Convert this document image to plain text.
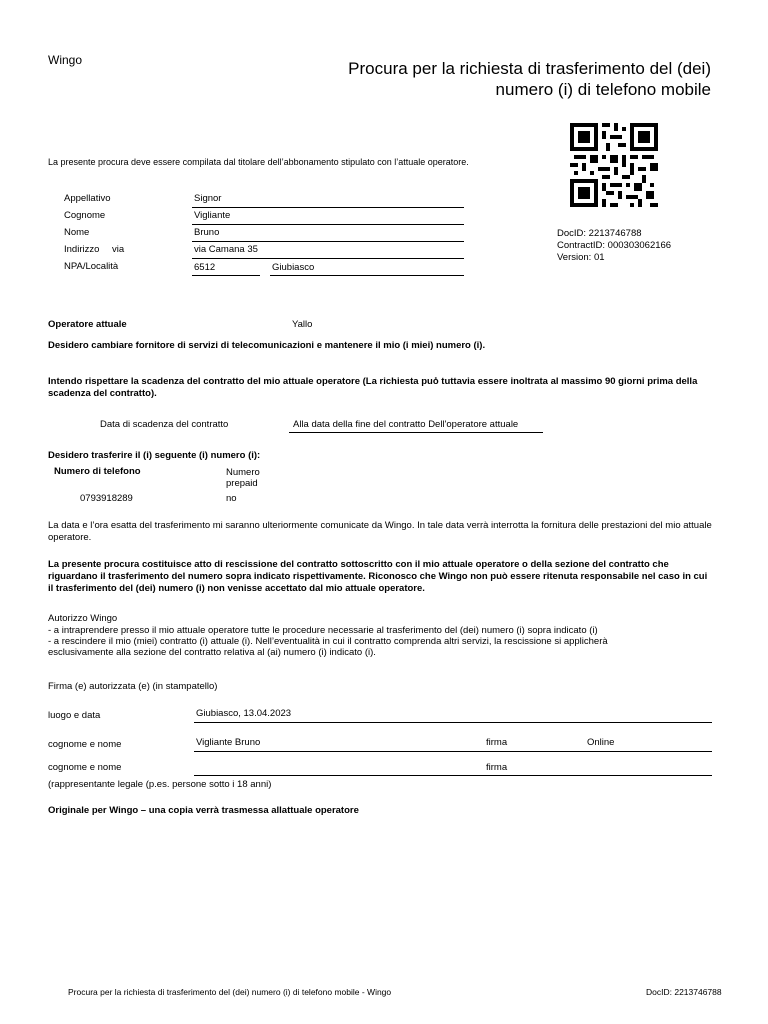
Wingo	Procura per la richiesta di trasferimento del (dei)
numero (i) di telefono mobile
DocID: 2213746788
ContractID: 000303062166
Version: 01
La presente procura deve essere compilata dal titolare dell’abbonamento stipulato con l’attuale operatore.
Appellativo	Signor
Cognome	Vigliante
Nome	Bruno
Indirizzo via	via Camana 35
NPA/Località	6512	Giubiasco
Operatore attuale	Yallo
Desidero cambiare fornitore di servizi di telecomunicazioni e mantenere il mio (i miei) numero (i).
Intendo rispettare la scadenza del contratto del mio attuale operatore (La richiesta puo̊ tuttavia essere inoltrata al massimo 90 giorni prima della scadenza del contratto).
Data di scadenza del contratto	Alla data della fine del contratto Dell'operatore attuale
Desidero trasferire il (i) seguente (i) numero (i):
Numero di telefono	Numero
prepaid
0793918289	no
La data e l’ora esatta del trasferimento mi saranno ulteriormente comunicate da Wingo. In tale data verrà interrotta la fornitura delle prestazioni del mio attuale operatore.
La presente procura costituisce atto di rescissione del contratto sottoscritto con il mio attuale operatore o della sezione del contratto che riguardano il trasferimento del numero sopra indicato rispettivamente. Riconosco che Wingo non può essere ritenuta responsabile nel caso in cui il trasferimento del (dei) numero (i) non venisse accettato dal mio attuale operatore.
Autorizzo Wingo
- a intraprendere presso il mio attuale operatore tutte le procedure necessarie al trasferimento del (dei) numero (i) sopra indicato (i)
- a rescindere il mio (miei) contratto (i) attuale (i). Nell’eventualità in cui il contratto comprenda altri servizi, la rescissione si applicherà
esclusivamente alla sezione del contratto relativa al (ai) numero (i) indicato (i).
Firma (e) autorizzata (e) (in stampatello)
luogo e data	Giubiasco, 13.04.2023
cognome e nome	Vigliante Bruno	firma	Online
cognome e nome	firma
(rappresentante legale (p.es. persone sotto i 18 anni)
Originale per Wingo – una copia verrà trasmessa allattuale operatore
Procura per la richiesta di trasferimento del (dei) numero (i) di telefono mobile - Wingo	DocID: 2213746788
